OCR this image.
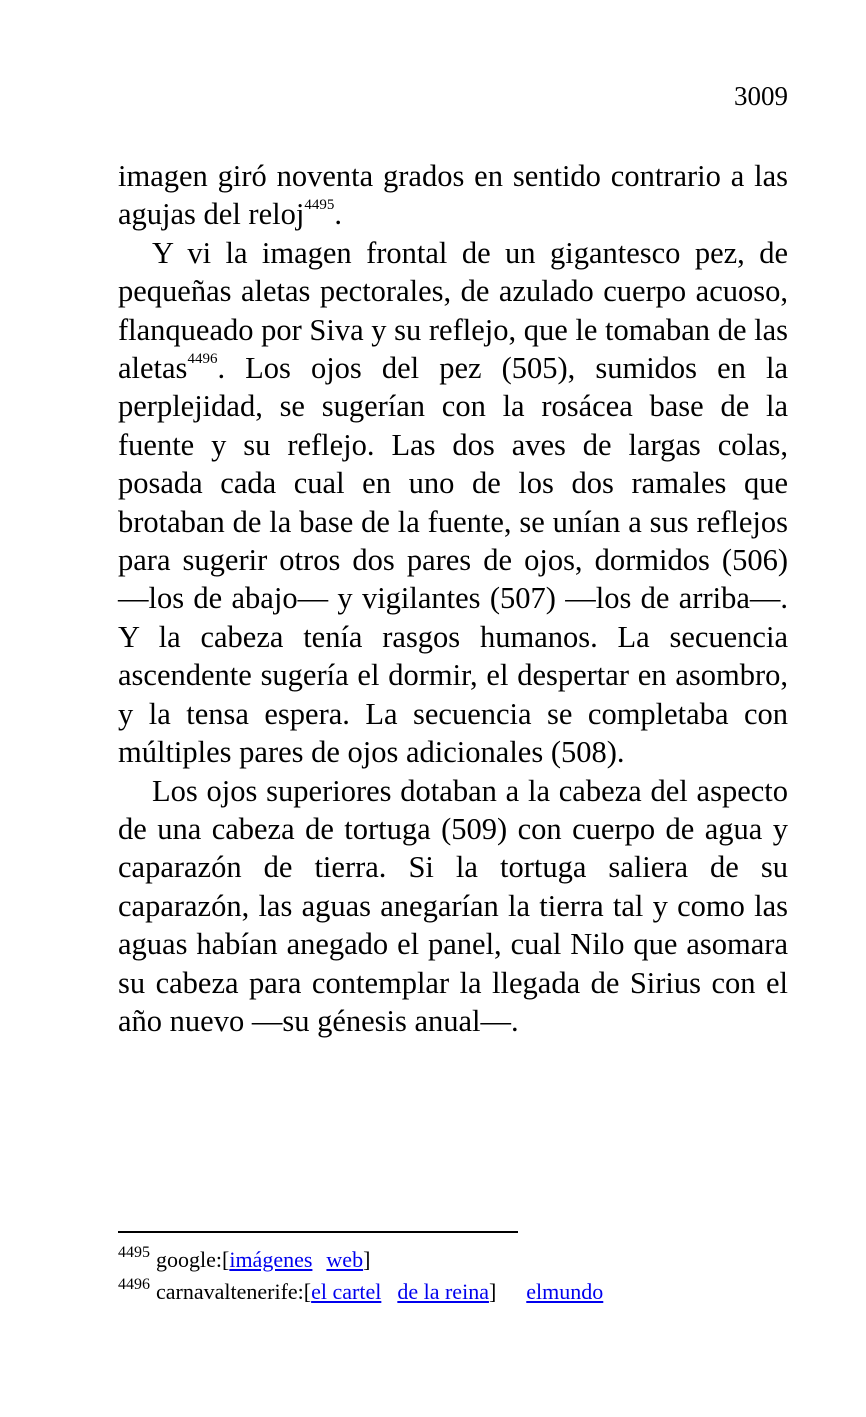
3009

imagen giró noventa grados en sentido contrario a las agujas del reloj$^{4495}$.

Y vi la imagen frontal de un gigantesco pez, de pequeñas aletas pectorales, de azulado cuerpo acuoso, flanqueado por Siva y su reflejo, que le tomaban de las aletas$^{4496}$. Los ojos del pez (505), sumidos en la perplejidad, se sugerían con la rosácea base de la fuente y su reflejo. Las dos aves de largas colas, posada cada cual en uno de los dos ramales que brotaban de la base de la fuente, se unían a sus reflejos para sugerir otros dos pares de ojos, dormidos (506) —los de abajo— y vigilantes (507) —los de arriba—. Y la cabeza tenía rasgos humanos. La secuencia ascendente sugería el dormir, el despertar en asombro, y la tensa espera. La secuencia se completaba con múltiples pares de ojos adicionales (508).

Los ojos superiores dotaban a la cabeza del aspecto de una cabeza de tortuga (509) con cuerpo de agua y caparazón de tierra. Si la tortuga saliera de su caparazón, las aguas anegarían la tierra tal y como las aguas habían anegado el panel, cual Nilo que asomara su cabeza para contemplar la llegada de Sirius con el año nuevo —su génesis anual—.

$^{4495}$ google:[imágenes web]
$^{4496}$ carnavaltenerife:[el cartel de la reina] elmundo
